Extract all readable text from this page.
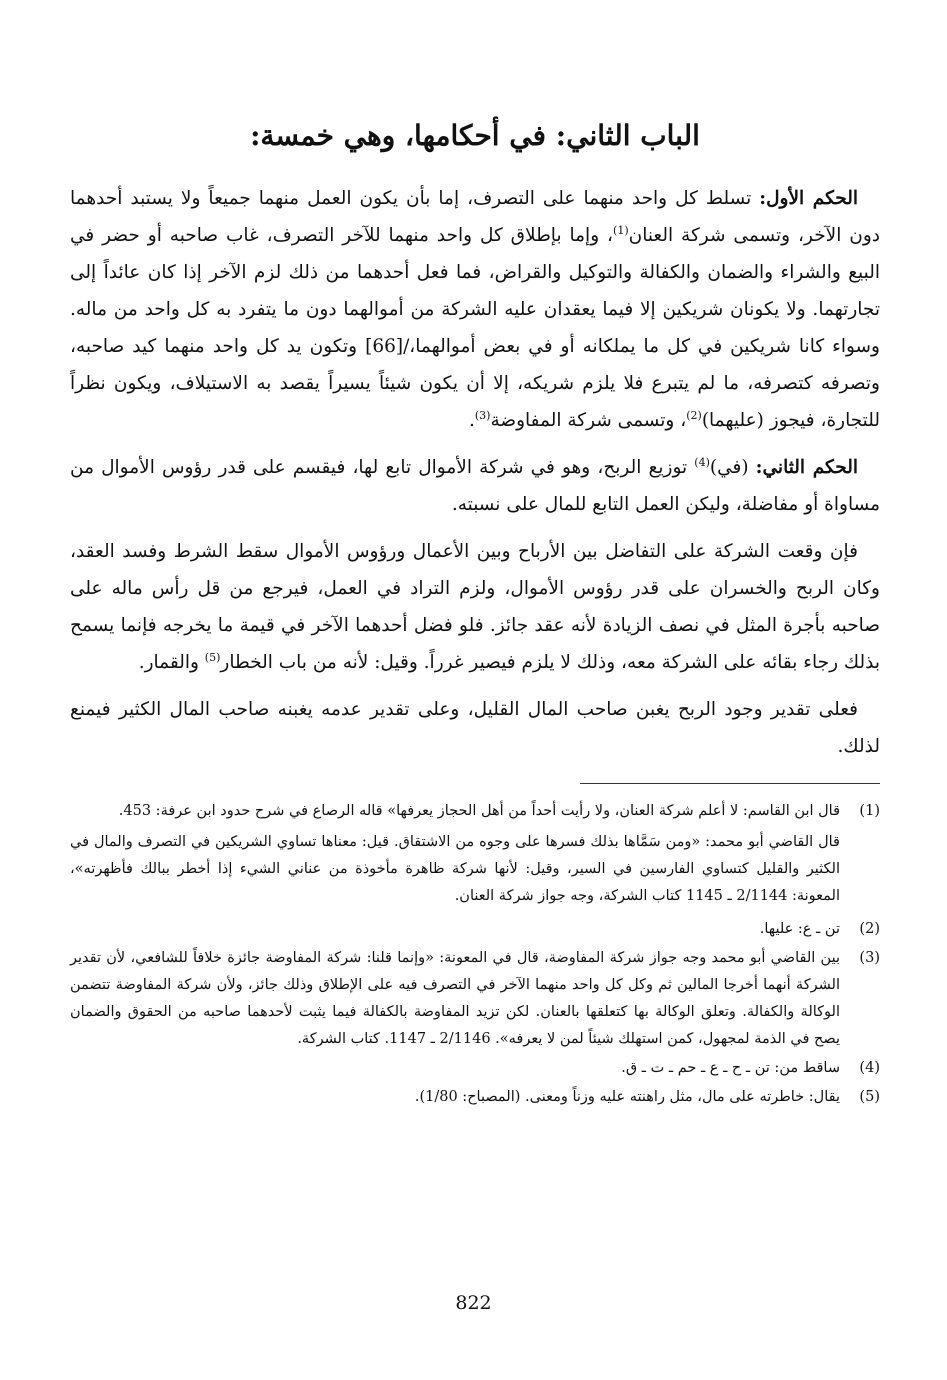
الباب الثاني: في أحكامها، وهي خمسة:

الحكم الأول: تسلط كل واحد منهما على التصرف، إما بأن يكون العمل منهما جميعاً ولا يستبد أحدهما دون الآخر، وتسمى شركة العنان$^{(1)}$، وإما بإطلاق كل واحد منهما للآخر التصرف، غاب صاحبه أو حضر في البيع والشراء والضمان والكفالة والتوكيل والقراض، فما فعل أحدهما من ذلك لزم الآخر إذا كان عائداً إلى تجارتهما. ولا يكونان شريكين إلا فيما يعقدان عليه الشركة من أموالهما دون ما يتفرد به كل واحد من ماله. وسواء كانا شريكين في كل ما يملكانه أو في بعض أموالهما،/[66] وتكون يد كل واحد منهما كيد صاحبه، وتصرفه كتصرفه، ما لم يتبرع فلا يلزم شريكه، إلا أن يكون شيئاً يسيراً يقصد به الاستيلاف، ويكون نظراً للتجارة، فيجوز (عليهما)$^{(2)}$، وتسمى شركة المفاوضة$^{(3)}$.

الحكم الثاني: (في)$^{(4)}$ توزيع الربح، وهو في شركة الأموال تابع لها، فيقسم على قدر رؤوس الأموال من مساواة أو مفاضلة، وليكن العمل التابع للمال على نسبته.

فإن وقعت الشركة على التفاضل بين الأرباح وبين الأعمال ورؤوس الأموال سقط الشرط وفسد العقد، وكان الربح والخسران على قدر رؤوس الأموال، ولزم التراد في العمل، فيرجع من قل رأس ماله على صاحبه بأجرة المثل في نصف الزيادة لأنه عقد جائز. فلو فضل أحدهما الآخر في قيمة ما يخرجه فإنما يسمح بذلك رجاء بقائه على الشركة معه، وذلك لا يلزم فيصير غرراً. وقيل: لأنه من باب الخطار$^{(5)}$ والقمار.

فعلى تقدير وجود الربح يغبن صاحب المال القليل، وعلى تقدير عدمه يغبنه صاحب المال الكثير فيمنع لذلك.

(1)
قال ابن القاسم: لا أعلم شركة العنان، ولا رأيت أحداً من أهل الحجاز يعرفها» قاله الرصاع في شرح حدود ابن عرفة: 453.
قال القاضي أبو محمد: «ومن سَمَّاها بذلك فسرها على وجوه من الاشتقاق. قيل: معناها تساوي الشريكين في التصرف والمال في الكثير والقليل كتساوي الفارسين في السير، وقيل: لأنها شركة ظاهرة مأخوذة من عناني الشيء إذا أخطر ببالك فأظهرته»، المعونة: 2/1144 ـ 1145 كتاب الشركة، وجه جواز شركة العنان.
(2)
تن ـ ع: عليها.
(3)
بين القاضي أبو محمد وجه جواز شركة المفاوضة، قال في المعونة: «وإنما قلنا: شركة المفاوضة جائزة خلافاً للشافعي، لأن تقدير الشركة أنهما أخرجا المالين ثم وكل كل واحد منهما الآخر في التصرف فيه على الإطلاق وذلك جائز، ولأن شركة المفاوضة تتضمن الوكالة والكفالة. وتعلق الوكالة بها كتعلقها بالعنان. لكن تزيد المفاوضة بالكفالة فيما يثبت لأحدهما صاحبه من الحقوق والضمان يصح في الذمة لمجهول، كمن استهلك شيئاً لمن لا يعرفه». 2/1146 ـ 1147. كتاب الشركة.
(4)
ساقط من: تن ـ ح ـ ع ـ حم ـ ت ـ ق.
(5)
يقال: خاطرته على مال، مثل راهنته عليه وزناً ومعنى. (المصباح: 1/80).
822
